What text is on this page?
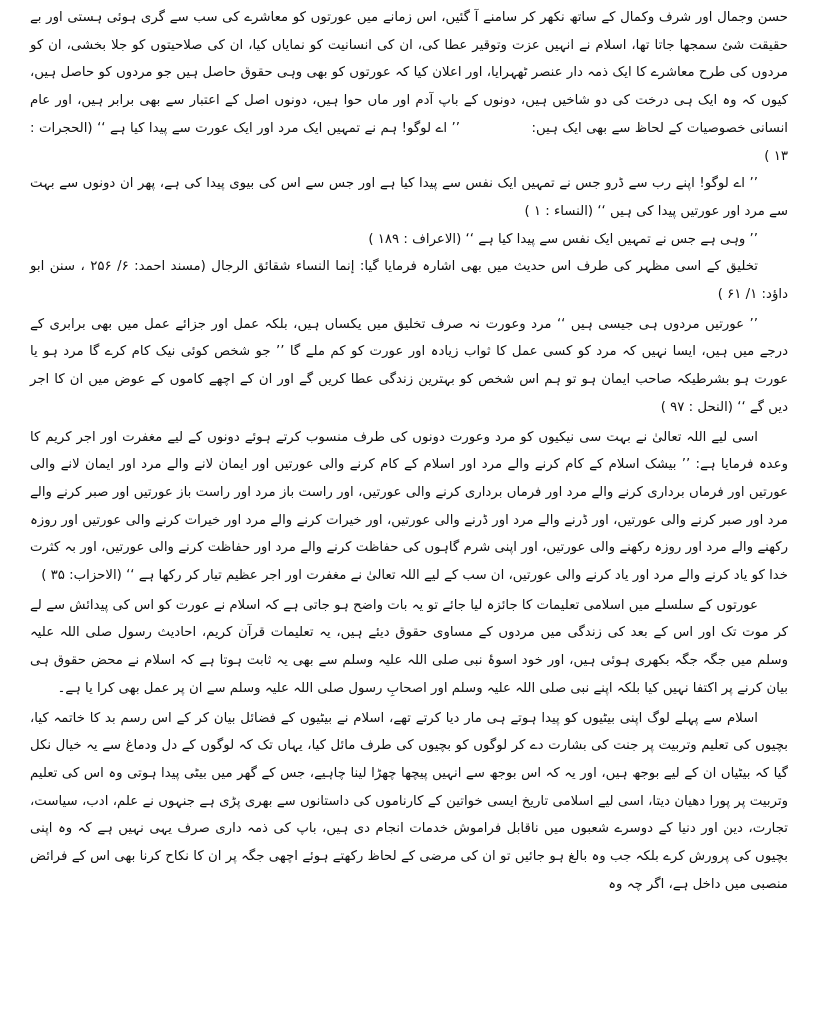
حسن وجمال اور شرف وکمال کے ساتھ نکھر کر سامنے آ گئیں، اس زمانے میں عورتوں کو معاشرے کی سب سے گری ہوئی ہستی اور بے حقیقت شئ سمجھا جاتا تھا، اسلام نے انہیں عزت وتوقیر عطا کی، ان کی انسانیت کو نمایاں کیا، ان کی صلاحیتوں کو جلا بخشی، ان کو مردوں کی طرح معاشرے کا ایک ذمہ دار عنصر ٹھہرایا، اور اعلان کیا کہ عورتوں کو بھی وہی حقوق حاصل ہیں جو مردوں کو حاصل ہیں، کیوں کہ وہ ایک ہی درخت کی دو شاخیں ہیں، دونوں کے باپ آدم اور ماں حوا ہیں، دونوں اصل کے اعتبار سے بھی برابر ہیں، اور عام انسانی خصوصیات کے لحاظ سے بھی ایک ہیں:                ’’ اے لوگو! ہم نے تمہیں ایک مرد اور ایک عورت سے پیدا کیا ہے ‘‘ (الحجرات : ۱۳ )

’’ اے لوگو! اپنے رب سے ڈرو جس نے تمہیں ایک نفس سے پیدا کیا ہے اور جس سے اس کی بیوی پیدا کی ہے، پھر ان دونوں سے بہت سے مرد اور عورتیں پیدا کی ہیں ‘‘ (النساء : ۱ )

’’ وہی ہے جس نے تمہیں ایک نفس سے پیدا کیا ہے ‘‘ (الاعراف : ۱۸۹ )

تخلیق کے اسی مظہر کی طرف اس حدیث میں بھی اشارہ فرمایا گیا: إنما النساء شقائق الرجال (مسند احمد: ۶/ ۲۵۶ ، سنن ابو داؤد: ۱/ ۶۱ )

’’ عورتیں مردوں ہی جیسی ہیں ‘‘ مرد وعورت نہ صرف تخلیق میں یکساں ہیں، بلکہ عمل اور جزائے عمل میں بھی برابری کے درجے میں ہیں، ایسا نہیں کہ مرد کو کسی عمل کا ثواب زیادہ اور عورت کو کم ملے گا ’’ جو شخص کوئی نیک کام کرے گا مرد ہو یا عورت ہو بشرطیکہ صاحب ایمان ہو تو ہم اس شخص کو بہترین زندگی عطا کریں گے اور ان کے اچھے کاموں کے عوض میں ان کا اجر دیں گے ‘‘ (النحل : ۹۷ )

اسی لیے اللہ تعالیٰ نے بہت سی نیکیوں کو مرد وعورت دونوں کی طرف منسوب کرتے ہوئے دونوں کے لیے مغفرت اور اجر کریم کا وعدہ فرمایا ہے: ’’ بیشک اسلام کے کام کرنے والے مرد اور اسلام کے کام کرنے والی عورتیں اور ایمان لانے والے مرد اور ایمان لانے والی عورتیں اور فرماں برداری کرنے والے مرد اور فرماں برداری کرنے والی عورتیں، اور راست باز مرد اور راست باز عورتیں اور صبر کرنے والے مرد اور صبر کرنے والی عورتیں، اور ڈرنے والے مرد اور ڈرنے والی عورتیں، اور خیرات کرنے والے مرد اور خیرات کرنے والی عورتیں اور روزہ رکھنے والے مرد اور روزہ رکھنے والی عورتیں، اور اپنی شرم گاہوں کی حفاظت کرنے والے مرد اور حفاظت کرنے والی عورتیں، اور بہ کثرت خدا کو یاد کرنے والے مرد اور یاد کرنے والی عورتیں، ان سب کے لیے اللہ تعالیٰ نے مغفرت اور اجر عظیم تیار کر رکھا ہے ‘‘ (الاحزاب: ۳۵ )

عورتوں کے سلسلے میں اسلامی تعلیمات کا جائزہ لیا جائے تو یہ بات واضح ہو جاتی ہے کہ اسلام نے عورت کو اس کی پیدائش سے لے کر موت تک اور اس کے بعد کی زندگی میں مردوں کے مساوی حقوق دیئے ہیں، یہ تعلیمات قرآن کریم، احادیث رسول صلی اللہ علیہ وسلم میں جگہ جگہ بکھری ہوئی ہیں، اور خود اسوۂ نبی صلی اللہ علیہ وسلم سے بھی یہ ثابت ہوتا ہے کہ اسلام نے محض حقوق ہی بیان کرنے پر اکتفا نہیں کیا بلکہ اپنے نبی صلی اللہ علیہ وسلم اور اصحابِ رسول صلی اللہ علیہ وسلم سے ان پر عمل بھی کرا یا ہے۔

اسلام سے پہلے لوگ اپنی بیٹیوں کو پیدا ہوتے ہی مار دیا کرتے تھے، اسلام نے بیٹیوں کے فضائل بیان کر کے اس رسم بد کا خاتمہ کیا، بچیوں کی تعلیم وتربیت پر جنت کی بشارت دے کر لوگوں کو بچیوں کی طرف مائل کیا، یہاں تک کہ لوگوں کے دل ودماغ سے یہ خیال نکل گیا کہ بیٹیاں ان کے لیے بوجھ ہیں، اور یہ کہ اس بوجھ سے انہیں پیچھا چھڑا لینا چاہیے، جس کے گھر میں بیٹی پیدا ہوتی وہ اس کی تعلیم وتربیت پر پورا دھیان دیتا، اسی لیے اسلامی تاریخ ایسی خواتین کے کارناموں کی داستانوں سے بھری پڑی ہے جنہوں نے علم، ادب، سیاست، تجارت، دین اور دنیا کے دوسرے شعبوں میں ناقابل فراموش خدمات انجام دی ہیں، باپ کی ذمہ داری صرف یہی نہیں ہے کہ وہ اپنی بچیوں کی پرورش کرے بلکہ جب وہ بالغ ہو جائیں تو ان کی مرضی کے لحاظ رکھتے ہوئے اچھی جگہ پر ان کا نکاح کرنا بھی اس کے فرائض منصبی میں داخل ہے، اگر چہ وہ
